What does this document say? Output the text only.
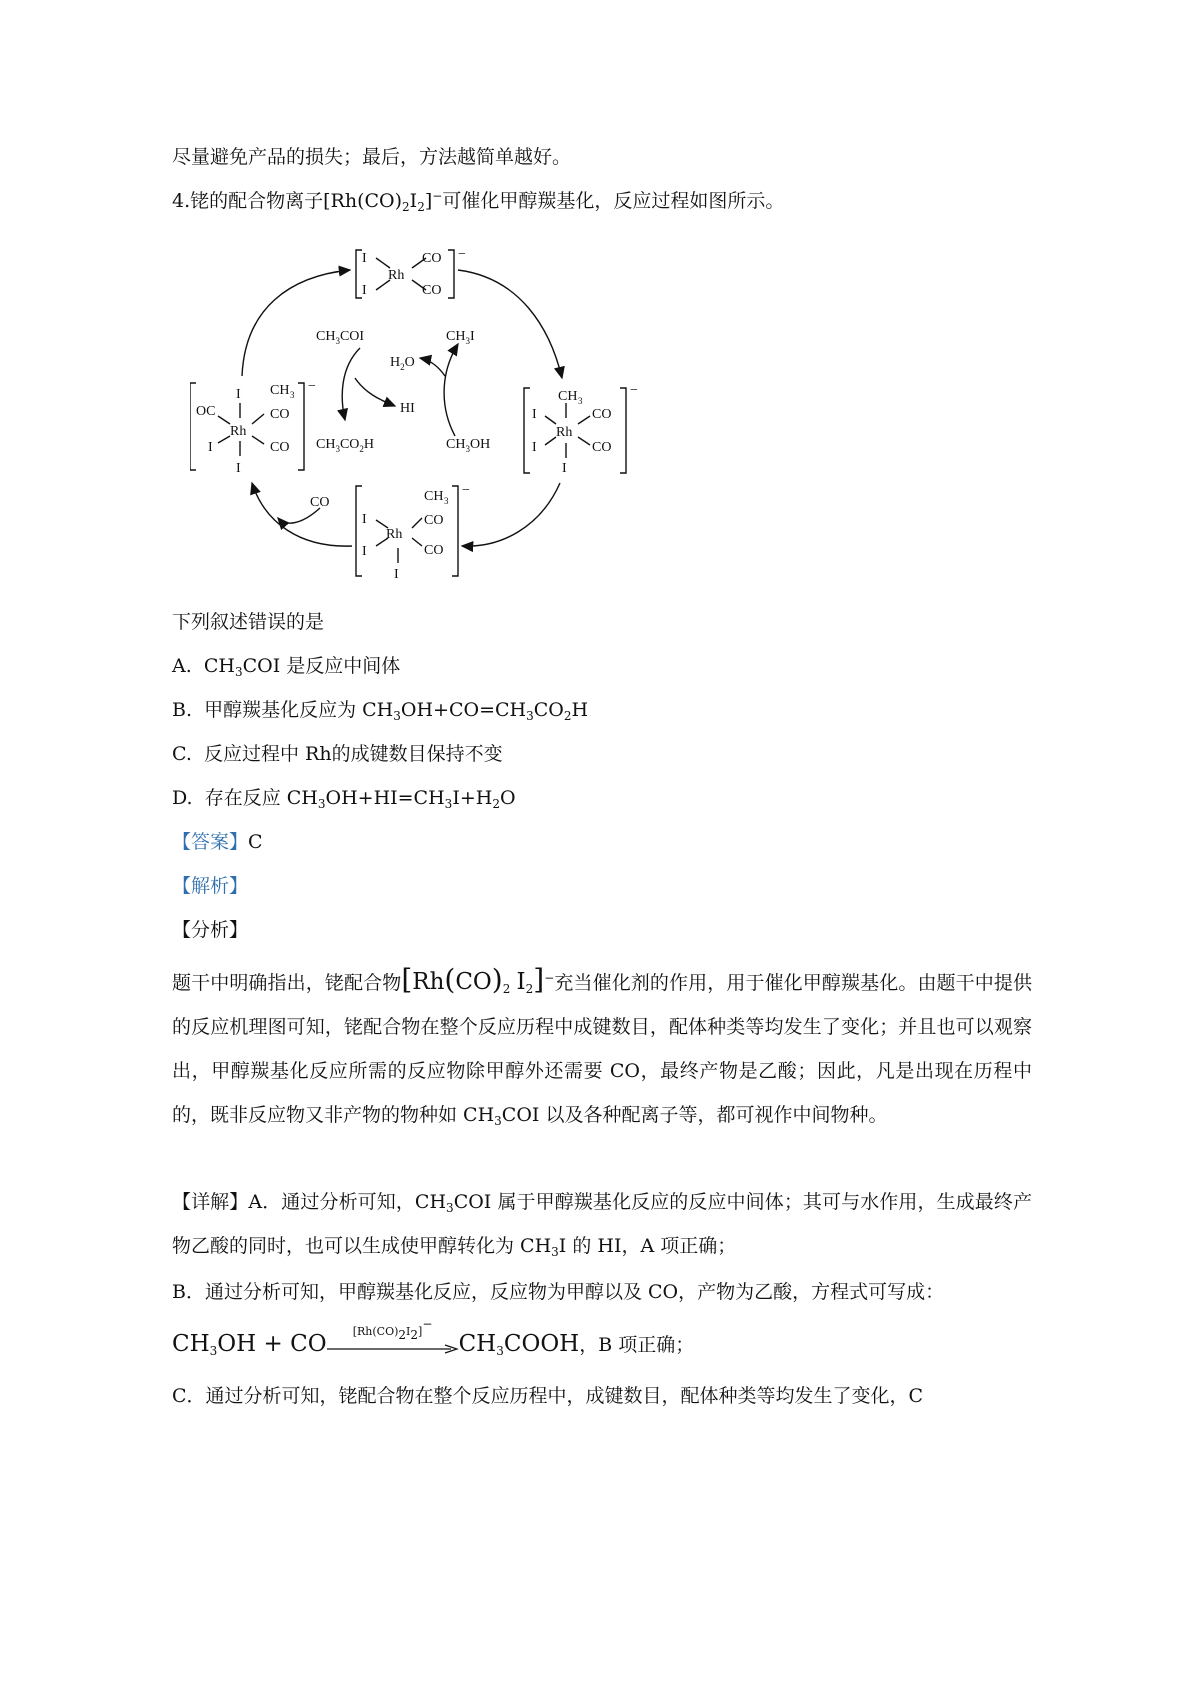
尽量避免产品的损失；最后，方法越简单越好。
4.铑的配合物离子$[Rh(CO)_2I_2]^-$可催化甲醇羰基化，反应过程如图所示。
I
I
Rh
CO
CO
−
CH 3
I
I
Rh
CO
CO
I
−
CH 3
I
I
Rh
CO
CO
I
−
I CH 3
OC
I
Rh
CO
CO
I
−
$CH_3COI$
$H_2O$
HI
$CH_3I$
$CH_3CO_2H$	$CH_3OH$
CO
下列叙述错误的是
A. $CH_3COI$ 是反应中间体
B. 甲醇羰基化反应为 $CH_3OH+CO=CH_3CO_2H$
C. 反应过程中 Rh的成键数目保持不变
D. 存在反应 $CH_3OH+HI=CH_3I+H_2O$
【答案】C
【解析】
【分析】
题干中明确指出，铑配合物[$Rh(CO)_2$ $I_2]^-$充当催化剂的作用，用于催化甲醇羰基化。由题干中提供的反应机理图可知，铑配合物在整个反应历程中成键数目，配体种类等均发生了变化；并且也可以观察出，甲醇羰基化反应所需的反应物除甲醇外还需要 CO，最终产物是乙酸；因此，凡是出现在历程中的，既非反应物又非产物的物种如 $CH_3COI$ 以及各种配离子等，都可视作中间物种。
【详解】A．通过分析可知，$CH_3COI$ 属于甲醇羰基化反应的反应中间体；其可与水作用，生成最终产物乙酸的同时，也可以生成使甲醇转化为 $CH_3I$ 的 HI，A 项正确；
B．通过分析可知，甲醇羰基化反应，反应物为甲醇以及 CO，产物为乙酸，方程式可写成：
$CH_3OH$ + CO	$[Rh(CO)_2I_2]^-$
$CH_3COOH$，B 项正确；
C．通过分析可知，铑配合物在整个反应历程中，成键数目，配体种类等均发生了变化，C
